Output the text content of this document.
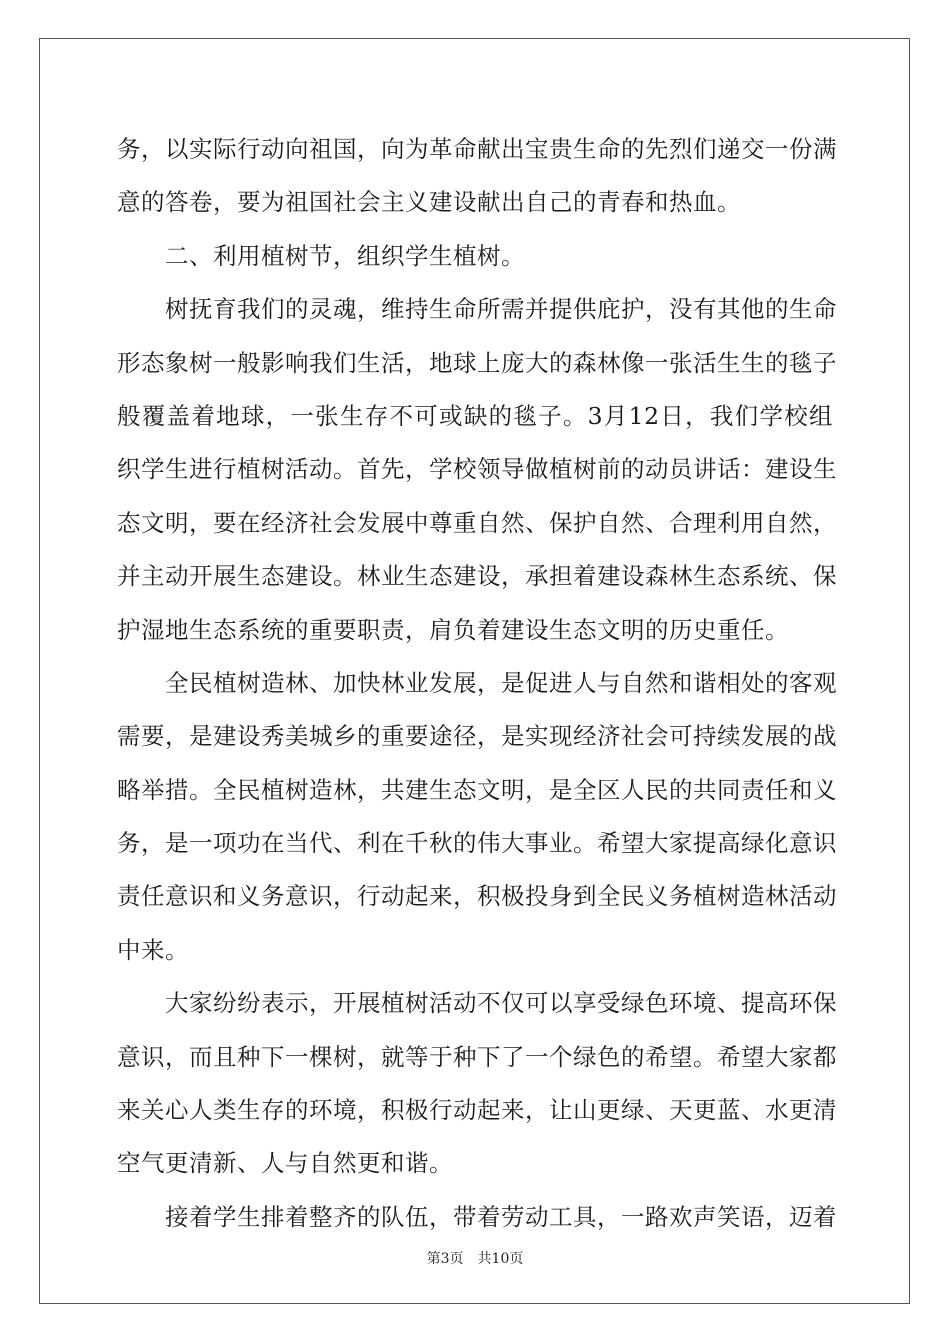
务，以实际行动向祖国，向为革命献出宝贵生命的先烈们递交一份满
意的答卷，要为祖国社会主义建设献出自己的青春和热血。
二、利用植树节，组织学生植树。
树抚育我们的灵魂，维持生命所需并提供庇护，没有其他的生命
形态象树一般影响我们生活，地球上庞大的森林像一张活生生的毯子
般覆盖着地球，一张生存不可或缺的毯子。3月12日，我们学校组
织学生进行植树活动。首先，学校领导做植树前的动员讲话：建设生
态文明，要在经济社会发展中尊重自然、保护自然、合理利用自然，
并主动开展生态建设。林业生态建设，承担着建设森林生态系统、保
护湿地生态系统的重要职责，肩负着建设生态文明的历史重任。
全民植树造林、加快林业发展，是促进人与自然和谐相处的客观
需要，是建设秀美城乡的重要途径，是实现经济社会可持续发展的战
略举措。全民植树造林，共建生态文明，是全区人民的共同责任和义
务，是一项功在当代、利在千秋的伟大事业。希望大家提高绿化意识
责任意识和义务意识，行动起来，积极投身到全民义务植树造林活动
中来。
大家纷纷表示，开展植树活动不仅可以享受绿色环境、提高环保
意识，而且种下一棵树，就等于种下了一个绿色的希望。希望大家都
来关心人类生存的环境，积极行动起来，让山更绿、天更蓝、水更清
空气更清新、人与自然更和谐。
接着学生排着整齐的队伍，带着劳动工具，一路欢声笑语，迈着
第3页 共10页
